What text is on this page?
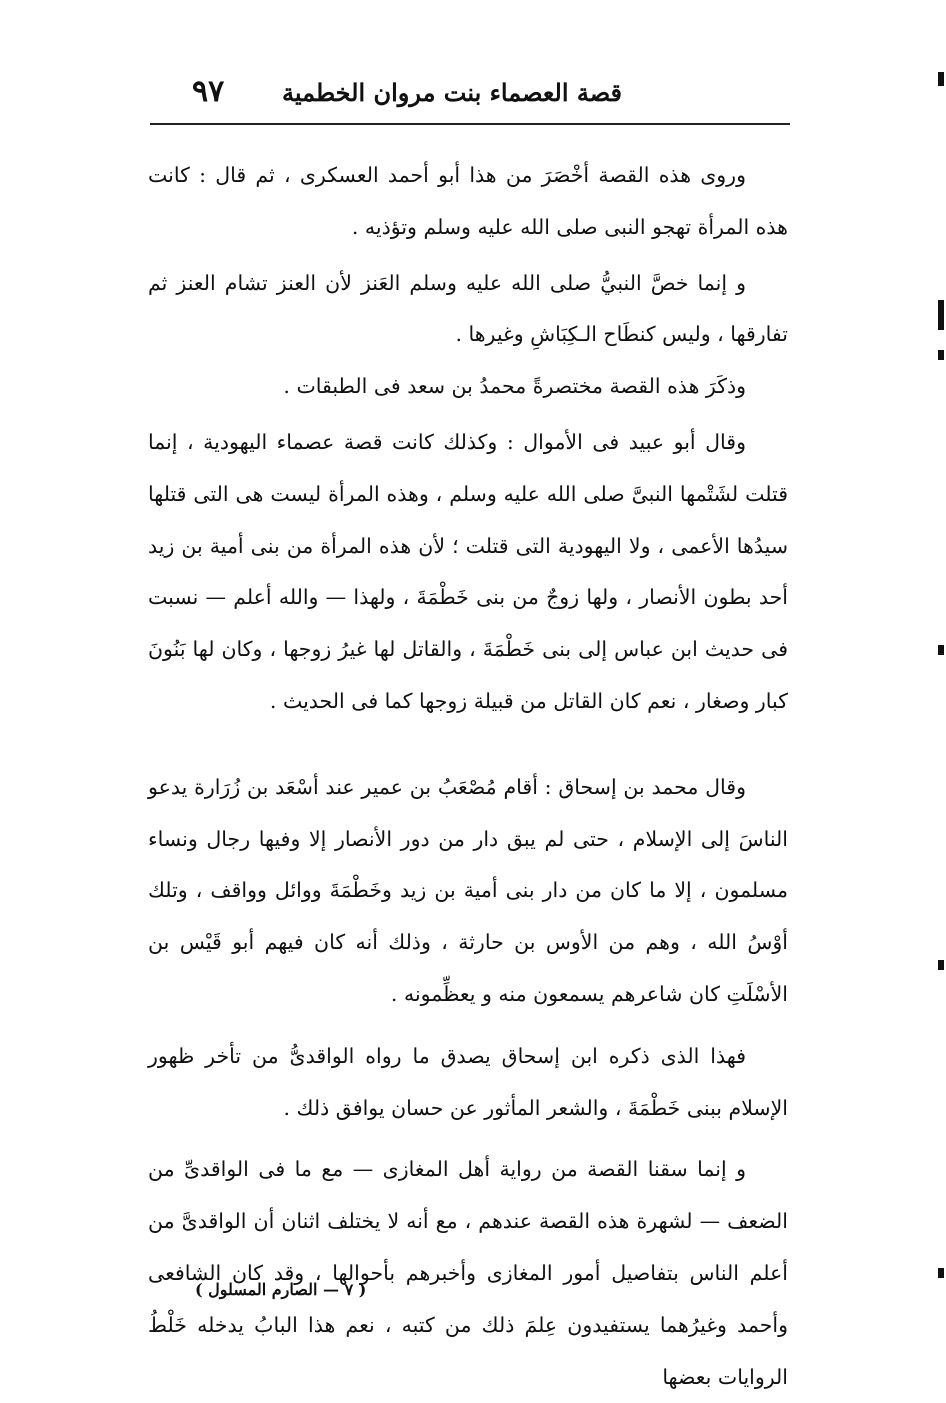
قصة العصماء بنت مروان الخطمية
٩٧

وروى هذه القصة أخْصَرَ من هذا أبو أحمد العسكرى ، ثم قال : كانت هذه المرأة تهجو النبى صلى الله عليه وسلم وتؤذيه .

و إنما خصَّ النبيُّ صلى الله عليه وسلم العَنز لأن العنز تشام العنز ثم تفارقها ، وليس كنطَاح الـكِبَاشِ وغيرها .

وذكَرَ هذه القصة مختصرةً محمدُ بن سعد فى الطبقات .

وقال أبو عبيد فى الأموال : وكذلك كانت قصة عصماء اليهودية ، إنما قتلت لشَتْمها النبىَّ صلى الله عليه وسلم ، وهذه المرأة ليست هى التى قتلها سيدُها الأعمى ، ولا اليهودية التى قتلت ؛ لأن هذه المرأة من بنى أمية بن زيد أحد بطون الأنصار ، ولها زوجٌ من بنى خَطْمَةَ ، ولهذا — والله أعلم — نسبت فى حديث ابن عباس إلى بنى خَطْمَةَ ، والقاتل لها غيرُ زوجها ، وكان لها بَنُونَ كبار وصغار ، نعم كان القاتل من قبيلة زوجها كما فى الحديث .

وقال محمد بن إسحاق : أقام مُصْعَبُ بن عمير عند أسْعَد بن زُرَارة يدعو الناسَ إلى الإسلام ، حتى لم يبق دار من دور الأنصار إلا وفيها رجال ونساء مسلمون ، إلا ما كان من دار بنى أمية بن زيد وخَطْمَةَ ووائل وواقف ، وتلك أوْسُ الله ، وهم من الأوس بن حارثة ، وذلك أنه كان فيهم أبو قَيْس بن الأسْلَتِ كان شاعرهم يسمعون منه و يعظِّمونه .

فهذا الذى ذكره ابن إسحاق يصدق ما رواه الواقدىُّ من تأخر ظهور الإسلام ببنى خَطْمَةَ ، والشعر المأثور عن حسان يوافق ذلك .

و إنما سقنا القصة من رواية أهل المغازى — مع ما فى الواقدىِّ من الضعف — لشهرة هذه القصة عندهم ، مع أنه لا يختلف اثنان أن الواقدىَّ من أعلم الناس بتفاصيل أمور المغازى وأخبرهم بأحوالها ، وقد كان الشافعى وأحمد وغيرُهما يستفيدون عِلمَ ذلك من كتبه ، نعم هذا البابُ يدخله خَلْطُ الروايات بعضها

( ٧ — الصارم المسلول )
